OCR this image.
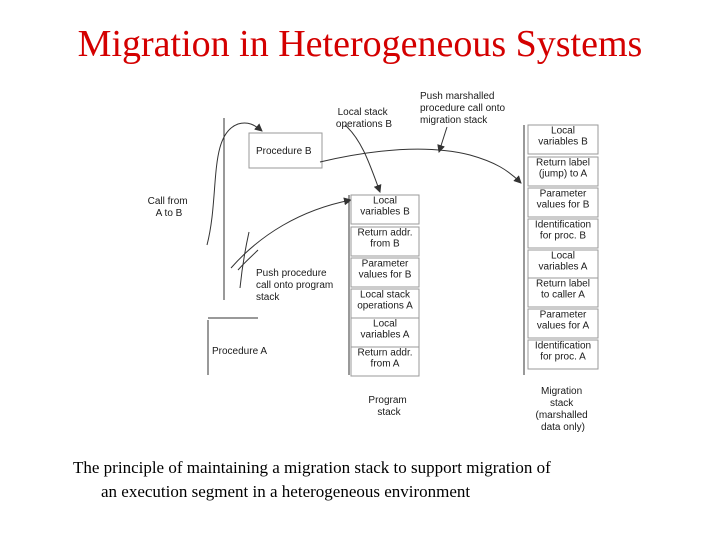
Migration in Heterogeneous Systems
Local variables B
Return addr. from B
Parameter values for B
Local stack operations A
Local variables A
Return addr. from A
Local variables B
Return label (jump) to A
Parameter values for B
Identification for proc. B
Local variables A
Return label to caller A
Parameter values for A
Identification for proc. A
Local stack operations B
Push marshalled procedure call onto migration stack
Call from A to B
Push procedure call onto program stack
Procedure B
Procedure A
Program stack
Migration stack (marshalled data only)
The principle of maintaining a migration stack to support migration of
an execution segment in a heterogeneous environment
